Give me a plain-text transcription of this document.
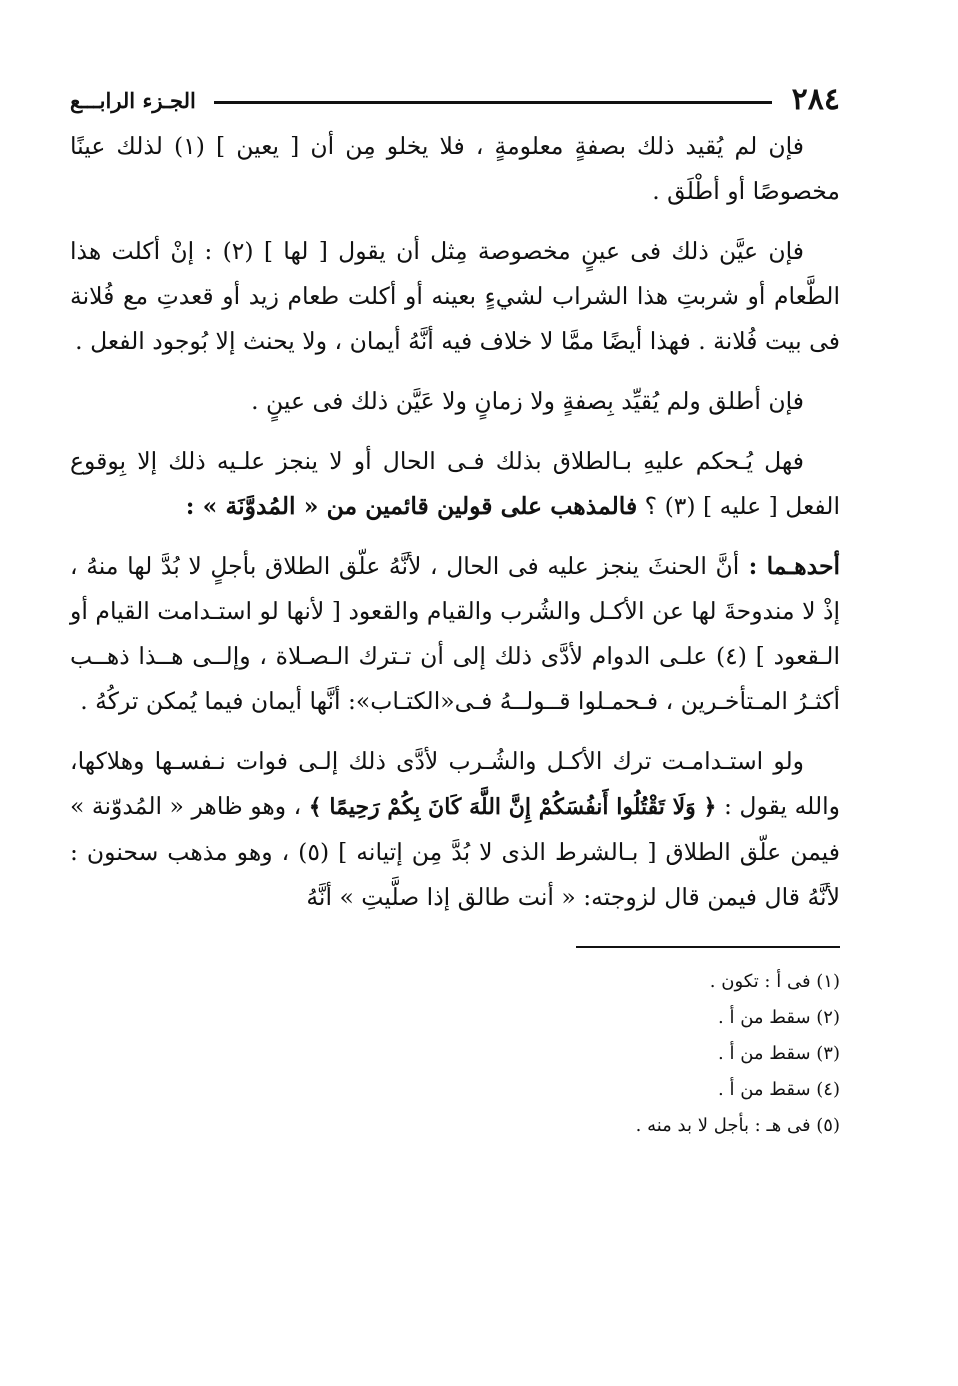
٢٨٤
الجـزء الرابـــع

فإن لم يُقيد ذلك بصفةٍ معلومةٍ ، فلا يخلو مِن أن [ يعين ] (١) لذلك عينًا مخصوصًا أو أطْلَق .

فإن عيَّن ذلك فى عينٍ مخصوصة مِثل أن يقول [ لها ] (٢) : إنْ أكلت هذا الطَّعام أو شربتِ هذا الشراب لشيءٍ بعينه أو أكلت طعام زيد أو قعدتِ مع فُلانة فى بيت فُلانة . فهذا أيضًا ممَّا لا خلاف فيه أنَّهُ أيمان ، ولا يحنث إلا بُوجود الفعل .

فإن أطلق ولم يُقيِّد بِصفةٍ ولا زمانٍ ولا عَيَّن ذلك فى عينٍ .

فهل يُـحكم عليهِ بـالطلاق بذلك فـى الحال أو لا ينجز علـيه ذلك إلا بِوقوع الفعل [ عليه ] (٣) ؟ فالمذهب على قولين قائمين من « المُدوَّنَة » :

أحدهـما : أنَّ الحنثَ ينجز عليه فى الحال ، لأنَّهُ علّق الطلاق بأجلٍ لا بُدَّ لها منهُ ، إذْ لا مندوحةَ لها عن الأكـل والشُرب والقيام والقعود [ لأنها لو استـدامت القيام أو الـقعود ] (٤) علـى الدوام لأدَّى ذلك إلى أن تـترك الـصـلاة ، وإلــى هــذا ذهــب أكثـرُ المـتأخـرين ، فـحمـلوا قــولــهُ فـى«الكتـاب»: أنَّها أيمان فيما يُمكن تركُهُ .

ولو استـدامـت ترك الأكـل والشُـرب لأدَّى ذلك إلـى فوات نـفسـها وهلاكها، والله يقول : ﴿ وَلَا تَقْتُلُوا أَنفُسَكُمْ إِنَّ اللَّهَ كَانَ بِكُمْ رَحِيمًا ﴾ ، وهو ظاهر « المُدوّنة » فيمن علّق الطلاق [ بـالشرط الذى لا بُدَّ مِن إتيانه ] (٥) ، وهو مذهب سحنون : لأنَّهُ قال فيمن قال لزوجته: « أنت طالق إذا صلَّيتِ » أنَّهُ

(١) فى أ : تكون .
(٢) سقط من أ .
(٣) سقط من أ .
(٤) سقط من أ .
(٥) فى هـ : بأجل لا بد منه .
